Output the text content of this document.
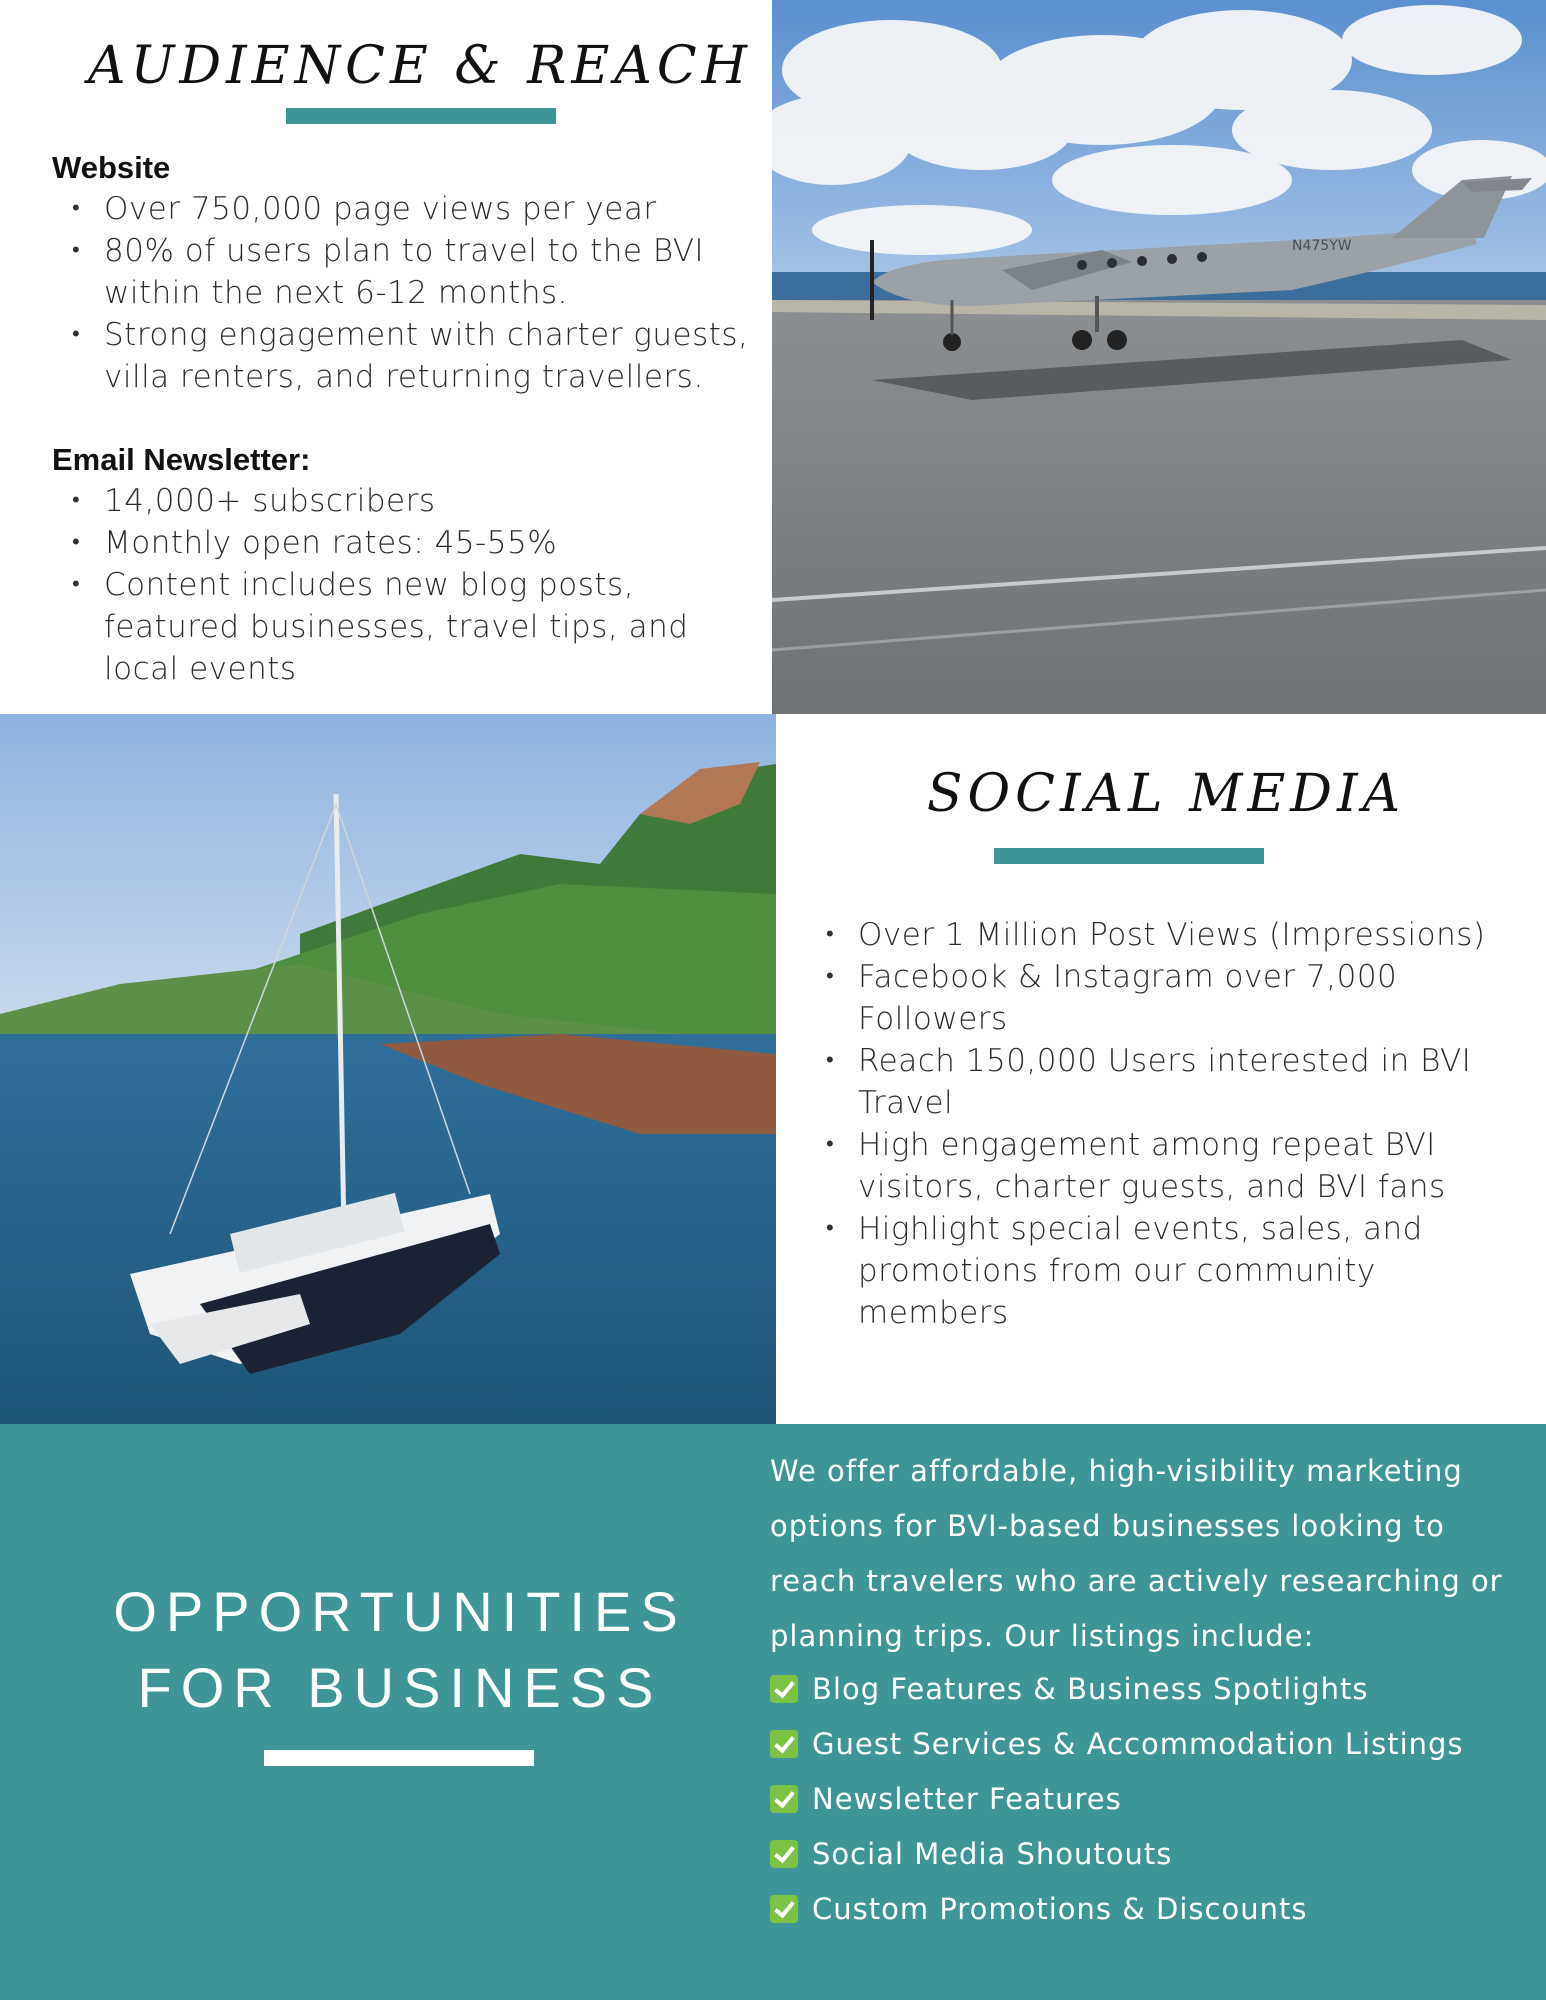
AUDIENCE & REACH
Website
• Over 750,000 page views per year
• 80% of users plan to travel to the BVI within the next 6-12 months.
• Strong engagement with charter guests, villa renters, and returning travellers.
Email Newsletter:
• 14,000+ subscribers
• Monthly open rates: 45-55%
• Content includes new blog posts, featured businesses, travel tips, and local events
N475YW
SOCIAL MEDIA
• Over 1 Million Post Views (Impressions)
• Facebook & Instagram over 7,000 Followers
• Reach 150,000 Users interested in BVI Travel
• High engagement among repeat BVI visitors, charter guests, and BVI fans
• Highlight special events, sales, and promotions from our community members
OPPORTUNITIES
FOR BUSINESS
We offer affordable, high-visibility marketing options for BVI-based businesses looking to reach travelers who are actively researching or planning trips. Our listings include:
Blog Features & Business Spotlights
Guest Services & Accommodation Listings
Newsletter Features
Social Media Shoutouts
Custom Promotions & Discounts
